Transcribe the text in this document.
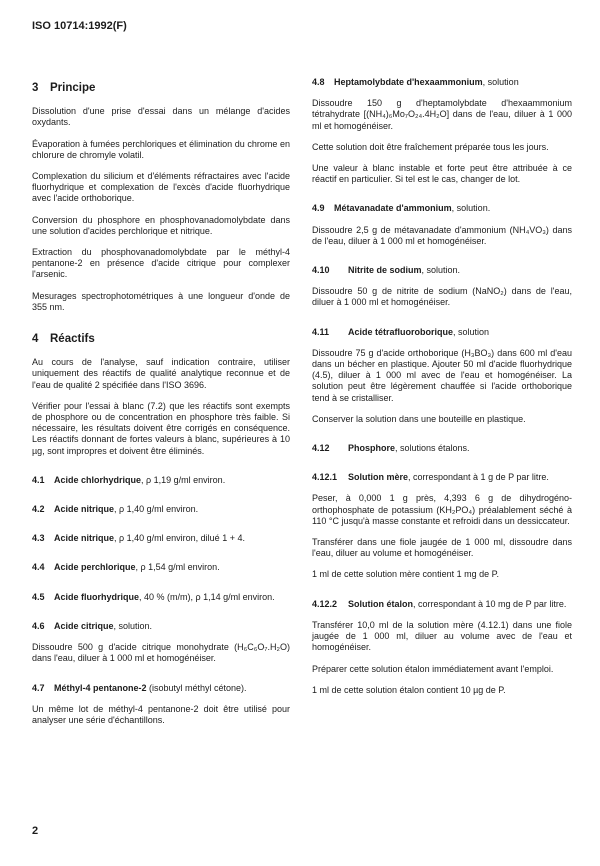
ISO 10714:1992(F)
3 Principe
Dissolution d'une prise d'essai dans un mélange d'acides oxydants.
Évaporation à fumées perchloriques et élimination du chrome en chlorure de chromyle volatil.
Complexation du silicium et d'éléments réfractaires avec l'acide fluorhydrique et complexation de l'excès d'acide fluorhydrique avec l'acide orthoborique.
Conversion du phosphore en phosphovanadomolybdate dans une solution d'acides perchlorique et nitrique.
Extraction du phosphovanadomolybdate par le méthyl-4 pentanone-2 en présence d'acide citrique pour complexer l'arsenic.
Mesurages spectrophotométriques à une longueur d'onde de 355 nm.
4 Réactifs
Au cours de l'analyse, sauf indication contraire, utiliser uniquement des réactifs de qualité analytique reconnue et de l'eau de qualité 2 spécifiée dans l'ISO 3696.
Vérifier pour l'essai à blanc (7.2) que les réactifs sont exempts de phosphore ou de concentration en phosphore très faible. Si nécessaire, les résultats doivent être corrigés en conséquence. Les réactifs donnant de fortes valeurs à blanc, supérieures à 10 µg, sont impropres et doivent être éliminés.
4.1 Acide chlorhydrique, ρ 1,19 g/ml environ.
4.2 Acide nitrique, ρ 1,40 g/ml environ.
4.3 Acide nitrique, ρ 1,40 g/ml environ, dilué 1 + 4.
4.4 Acide perchlorique, ρ 1,54 g/ml environ.
4.5 Acide fluorhydrique, 40 % (m/m), ρ 1,14 g/ml environ.
4.6 Acide citrique, solution.
Dissoudre 500 g d'acide citrique monohydrate (H₆C₆O₇.H₂O) dans l'eau, diluer à 1 000 ml et homogénéiser.
4.7 Méthyl-4 pentanone-2 (isobutyl méthyl cétone).
Un même lot de méthyl-4 pentanone-2 doit être utilisé pour analyser une série d'échantillons.
4.8 Heptamolybdate d'hexaammonium, solution
Dissoudre 150 g d'heptamolybdate d'hexaammonium tétrahydrate [(NH₄)₆Mo₇O₂₄.4H₂O] dans de l'eau, diluer à 1 000 ml et homogénéiser.
Cette solution doit être fraîchement préparée tous les jours.
Une valeur à blanc instable et forte peut être attribuée à ce réactif en particulier. Si tel est le cas, changer de lot.
4.9 Métavanadate d'ammonium, solution.
Dissoudre 2,5 g de métavanadate d'ammonium (NH₄VO₃) dans de l'eau, diluer à 1 000 ml et homogénéiser.
4.10 Nitrite de sodium, solution.
Dissoudre 50 g de nitrite de sodium (NaNO₂) dans de l'eau, diluer à 1 000 ml et homogénéiser.
4.11 Acide tétrafluoroborique, solution
Dissoudre 75 g d'acide orthoborique (H₃BO₃) dans 600 ml d'eau dans un bécher en plastique. Ajouter 50 ml d'acide fluorhydrique (4.5), diluer à 1 000 ml avec de l'eau et homogénéiser. La solution peut être légèrement chauffée si l'acide orthoborique tend à se cristalliser.
Conserver la solution dans une bouteille en plastique.
4.12 Phosphore, solutions étalons.
4.12.1 Solution mère, correspondant à 1 g de P par litre.
Peser, à 0,000 1 g près, 4,393 6 g de dihydrogéno-orthophosphate de potassium (KH₂PO₄) préalablement séché à 110 °C jusqu'à masse constante et refroidi dans un dessiccateur.
Transférer dans une fiole jaugée de 1 000 ml, dissoudre dans l'eau, diluer au volume et homogénéiser.
1 ml de cette solution mère contient 1 mg de P.
4.12.2 Solution étalon, correspondant à 10 mg de P par litre.
Transférer 10,0 ml de la solution mère (4.12.1) dans une fiole jaugée de 1 000 ml, diluer au volume avec de l'eau et homogénéiser.
Préparer cette solution étalon immédiatement avant l'emploi.
1 ml de cette solution étalon contient 10 µg de P.
2
